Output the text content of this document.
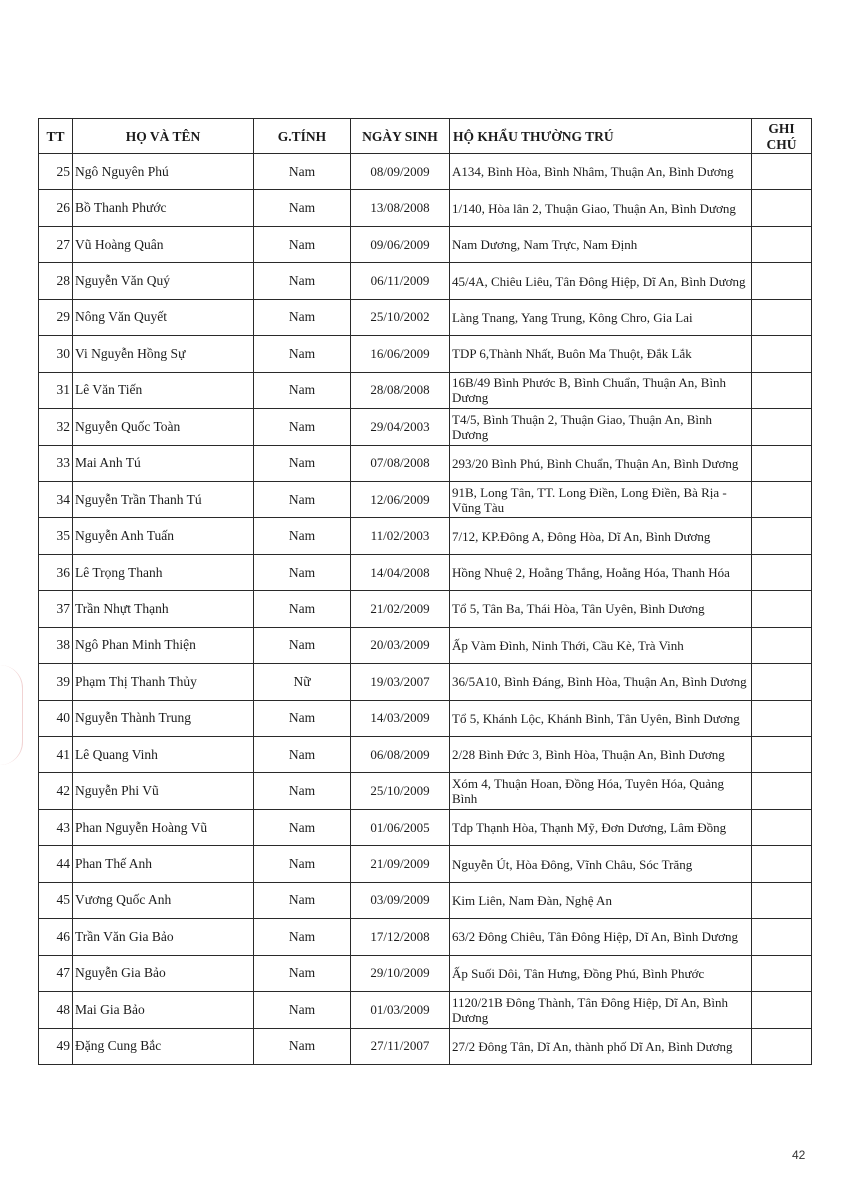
TT	HỌ VÀ TÊN	G.TÍNH	NGÀY SINH	HỘ KHẨU THƯỜNG TRÚ	GHI CHÚ
25	Ngô Nguyên Phú	Nam	08/09/2009	A134, Bình Hòa, Bình Nhâm, Thuận An, Bình Dương	
26	Bồ Thanh Phước	Nam	13/08/2008	1/140, Hòa lân 2, Thuận Giao, Thuận An, Bình Dương	
27	Vũ Hoàng Quân	Nam	09/06/2009	Nam Dương, Nam Trực, Nam Định	
28	Nguyễn Văn Quý	Nam	06/11/2009	45/4A, Chiêu Liêu, Tân Đông Hiệp, Dĩ An, Bình Dương	
29	Nông Văn Quyết	Nam	25/10/2002	Làng Tnang, Yang Trung, Kông Chro, Gia Lai	
30	Vi Nguyễn Hồng Sự	Nam	16/06/2009	TDP 6,Thành Nhất, Buôn Ma Thuột, Đắk Lắk	
31	Lê Văn Tiến	Nam	28/08/2008	16B/49 Bình Phước B, Bình Chuẩn, Thuận An, Bình Dương	
32	Nguyễn Quốc Toàn	Nam	29/04/2003	T4/5, Bình Thuận 2, Thuận Giao, Thuận An, Bình Dương	
33	Mai Anh Tú	Nam	07/08/2008	293/20 Bình Phú, Bình Chuẩn, Thuận An, Bình Dương	
34	Nguyễn Trần Thanh Tú	Nam	12/06/2009	91B, Long Tân, TT. Long Điền, Long Điền, Bà Rịa - Vũng Tàu	
35	Nguyễn Anh Tuấn	Nam	11/02/2003	7/12, KP.Đông A, Đông Hòa, Dĩ An, Bình Dương	
36	Lê Trọng Thanh	Nam	14/04/2008	Hồng Nhuệ 2, Hoằng Thắng, Hoằng Hóa, Thanh Hóa	
37	Trần Nhựt Thạnh	Nam	21/02/2009	Tổ 5, Tân Ba, Thái Hòa, Tân Uyên, Bình Dương	
38	Ngô Phan Minh Thiện	Nam	20/03/2009	Ấp Vàm Đình, Ninh Thới, Cầu Kè, Trà Vinh	
39	Phạm Thị Thanh Thủy	Nữ	19/03/2007	36/5A10, Bình Đáng, Bình Hòa, Thuận An, Bình Dương	
40	Nguyễn Thành Trung	Nam	14/03/2009	Tổ 5, Khánh Lộc, Khánh Bình, Tân Uyên, Bình Dương	
41	Lê Quang Vinh	Nam	06/08/2009	2/28 Bình Đức 3, Bình Hòa, Thuận An, Bình Dương	
42	Nguyễn Phi Vũ	Nam	25/10/2009	Xóm 4, Thuận Hoan, Đồng Hóa, Tuyên Hóa, Quảng Bình	
43	Phan Nguyễn Hoàng Vũ	Nam	01/06/2005	Tdp Thạnh Hòa, Thạnh Mỹ, Đơn Dương, Lâm Đồng	
44	Phan Thế Anh	Nam	21/09/2009	Nguyễn Út, Hòa Đông, Vĩnh Châu, Sóc Trăng	
45	Vương Quốc Anh	Nam	03/09/2009	Kim Liên, Nam Đàn, Nghệ An	
46	Trần Văn Gia Bảo	Nam	17/12/2008	63/2 Đông Chiêu, Tân Đông Hiệp, Dĩ An, Bình Dương	
47	Nguyễn Gia Bảo	Nam	29/10/2009	Ấp Suối Dôi, Tân Hưng, Đồng Phú, Bình Phước	
48	Mai Gia Bảo	Nam	01/03/2009	1120/21B Đông Thành, Tân Đông Hiệp, Dĩ An, Bình Dương	
49	Đặng Cung Bắc	Nam	27/11/2007	27/2 Đông Tân, Dĩ An, thành phố Dĩ An, Bình Dương	
42
